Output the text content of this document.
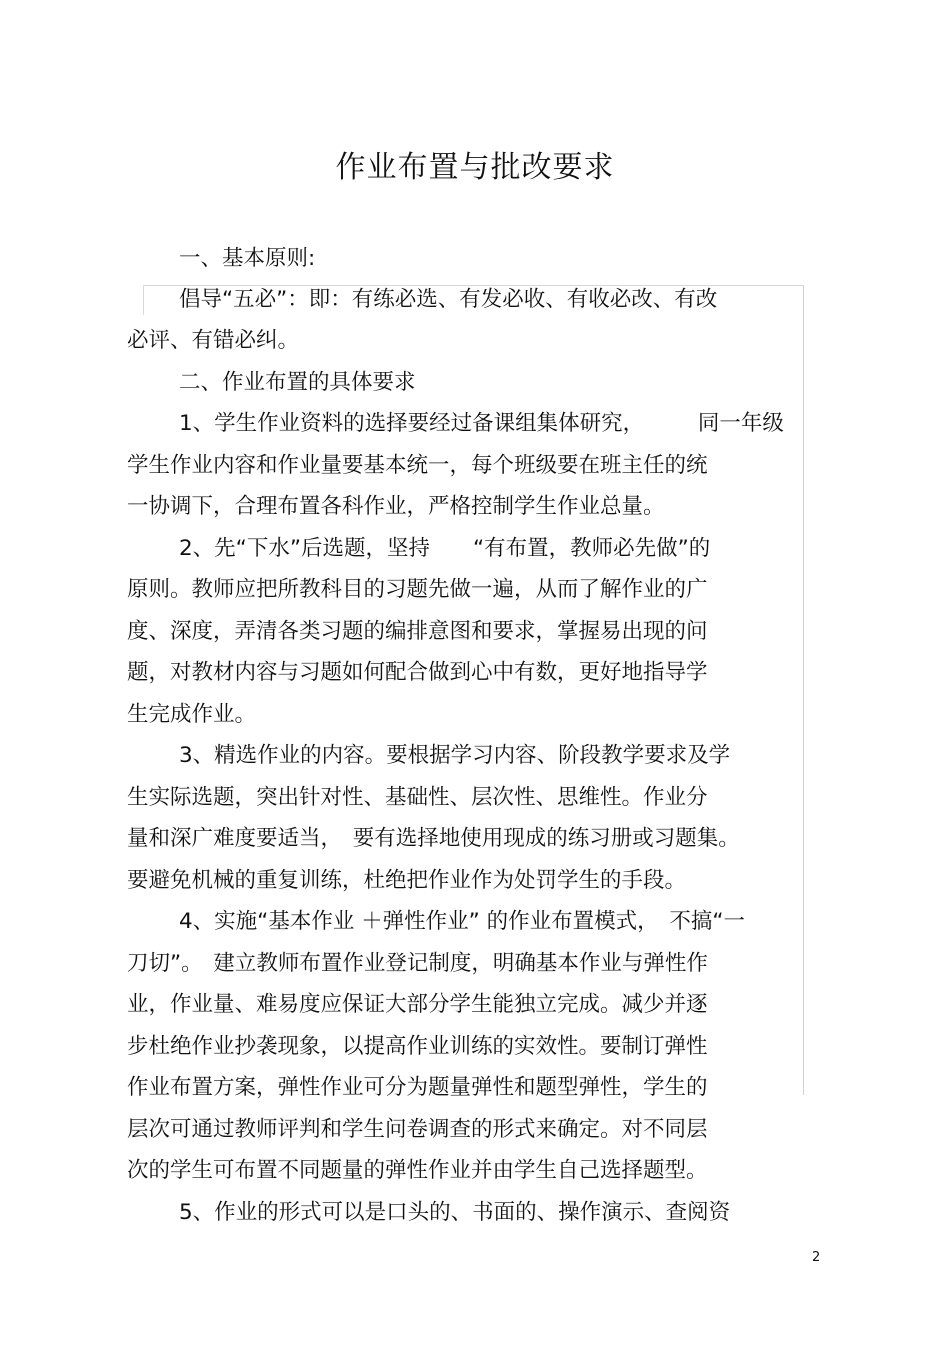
作业布置与批改要求
一、基本原则:
倡导“五必”：即：有练必选、有发必收、有收必改、有改
必评、有错必纠。
二、作业布置的具体要求
1、学生作业资料的选择要经过备课组集体研究，　　　同一年级
学生作业内容和作业量要基本统一，每个班级要在班主任的统
一协调下，合理布置各科作业，严格控制学生作业总量。
2、先“下水”后选题，坚持　　“有布置，教师必先做”的
原则。教师应把所教科目的习题先做一遍，从而了解作业的广
度、深度，弄清各类习题的编排意图和要求，掌握易出现的问
题，对教材内容与习题如何配合做到心中有数，更好地指导学
生完成作业。
3、精选作业的内容。要根据学习内容、阶段教学要求及学
生实际选题，突出针对性、基础性、层次性、思维性。作业分
量和深广难度要适当，　要有选择地使用现成的练习册或习题集。
要避免机械的重复训练，杜绝把作业作为处罚学生的手段。
4、实施“基本作业 ＋弹性作业” 的作业布置模式，　不搞“一
刀切”。　建立教师布置作业登记制度，明确基本作业与弹性作
业，作业量、难易度应保证大部分学生能独立完成。减少并逐
步杜绝作业抄袭现象，以提高作业训练的实效性。要制订弹性
作业布置方案，弹性作业可分为题量弹性和题型弹性，学生的
层次可通过教师评判和学生问卷调查的形式来确定。对不同层
次的学生可布置不同题量的弹性作业并由学生自己选择题型。
5、作业的形式可以是口头的、书面的、操作演示、查阅资
2
